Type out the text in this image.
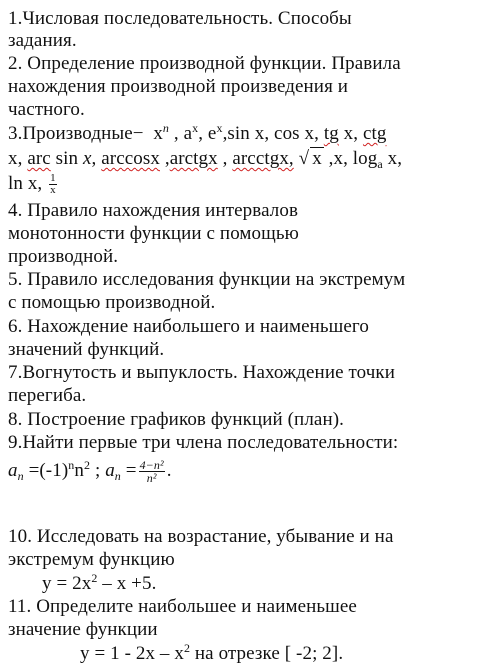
1.Числовая последовательность. Способы
задания.
2. Определение производной функции. Правила
нахождения производной произведения и
частного.
3.Производные− $x^n$ , $a^x$, $e^x,\sin$ x, cos x, tg x, ctg
x, arc sin x, arccosx ,arctgx , arcctgx, √ x ,x, $\log_a x$,
ln x, $\frac{1}{x}$
4. Правило нахождения интервалов
монотонности функции с помощью
производной.
5. Правило исследования функции на экстремум
с помощью производной.
6. Нахождение наибольшего и наименьшего
значений функций.
7.Вогнутость и выпуклость. Нахождение точки
перегиба.
8. Построение графиков функций (план).
9.Найти первые три члена последовательности:
$a_n =(-1)^nn^2$ ; $a_n = \frac{\text{4−n²}}{\text{n²}}$ .
10. Исследовать на возрастание, убывание и на
экстремум функцию
$y = 2x^2 - x +5$.
11. Определите наибольшее и наименьшее
значение функции
$y = 1 - 2x - x^2$ на отрезке [ -2; 2].
